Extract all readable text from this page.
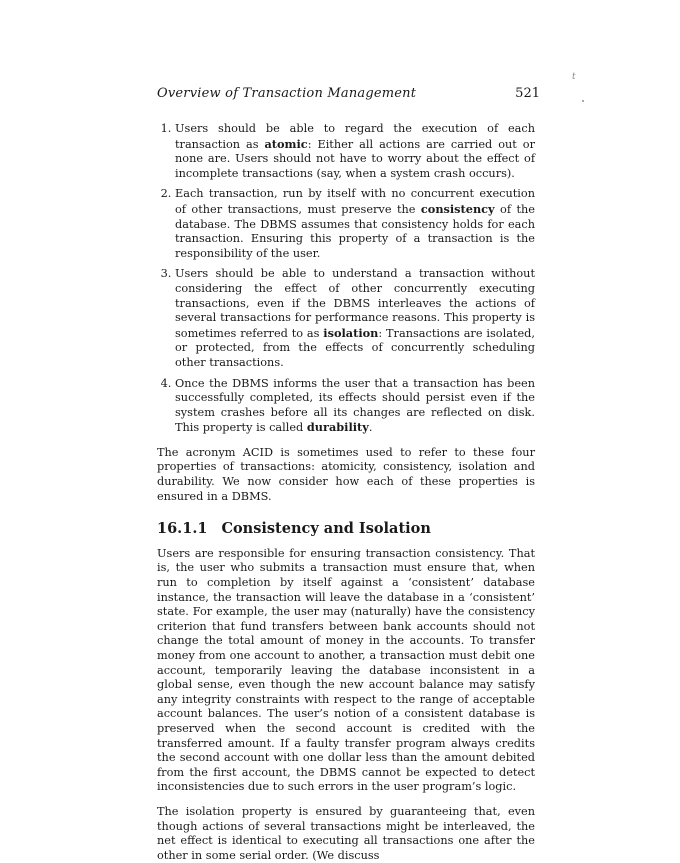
t
Overview of Transaction Management	521
1. Users should be able to regard the execution of each transaction as atomic: Either all actions are carried out or none are. Users should not have to worry about the effect of incomplete transactions (say, when a system crash occurs).
2. Each transaction, run by itself with no concurrent execution of other transactions, must preserve the consistency of the database. The DBMS assumes that consistency holds for each transaction. Ensuring this property of a transaction is the responsibility of the user.
3. Users should be able to understand a transaction without considering the effect of other concurrently executing transactions, even if the DBMS interleaves the actions of several transactions for performance reasons. This property is sometimes referred to as isolation: Transactions are isolated, or protected, from the effects of concurrently scheduling other transactions.
4. Once the DBMS informs the user that a transaction has been successfully completed, its effects should persist even if the system crashes before all its changes are reflected on disk. This property is called durability.

The acronym ACID is sometimes used to refer to these four properties of transactions: atomicity, consistency, isolation and durability. We now consider how each of these properties is ensured in a DBMS.

16.1.1 Consistency and Isolation

Users are responsible for ensuring transaction consistency. That is, the user who submits a transaction must ensure that, when run to completion by itself against a ‘consistent’ database instance, the transaction will leave the database in a ‘consistent’ state. For example, the user may (naturally) have the consistency criterion that fund transfers between bank accounts should not change the total amount of money in the accounts. To transfer money from one account to another, a transaction must debit one account, temporarily leaving the database inconsistent in a global sense, even though the new account balance may satisfy any integrity constraints with respect to the range of acceptable account balances. The user’s notion of a consistent database is preserved when the second account is credited with the transferred amount. If a faulty transfer program always credits the second account with one dollar less than the amount debited from the first account, the DBMS cannot be expected to detect inconsistencies due to such errors in the user program’s logic.

The isolation property is ensured by guaranteeing that, even though actions of several transactions might be interleaved, the net effect is identical to executing all transactions one after the other in some serial order. (We discuss
